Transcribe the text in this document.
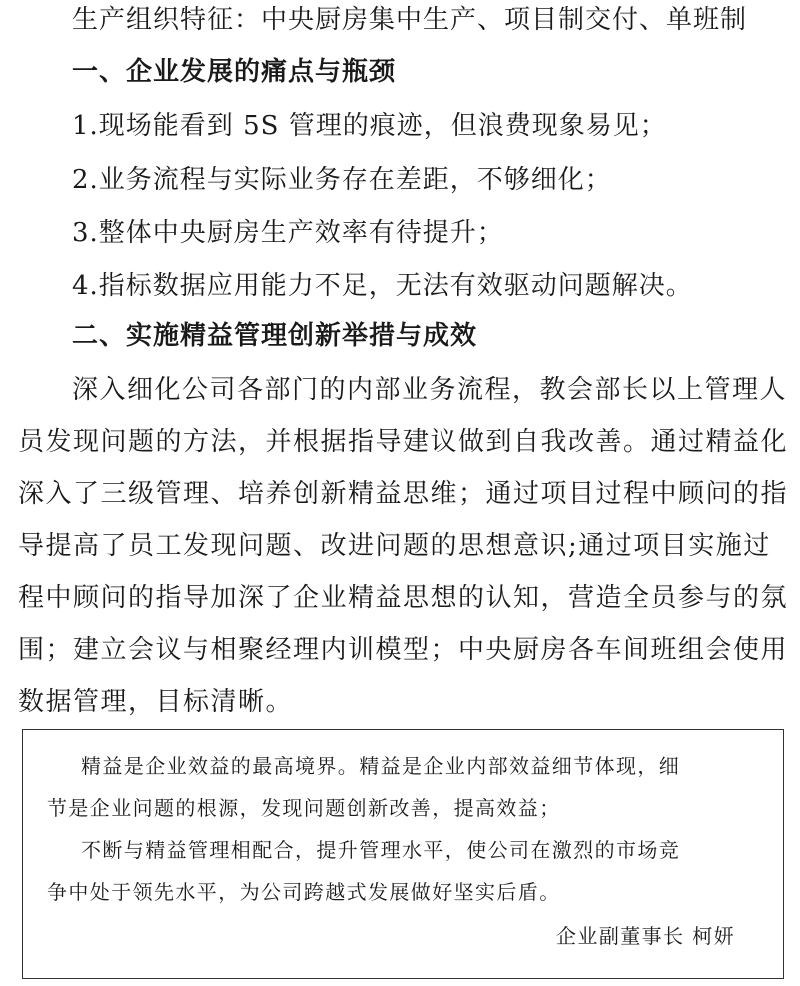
生产组织特征：中央厨房集中生产、项目制交付、单班制
一、企业发展的痛点与瓶颈
1.现场能看到 5S 管理的痕迹，但浪费现象易见；
2.业务流程与实际业务存在差距，不够细化；
3.整体中央厨房生产效率有待提升；
4.指标数据应用能力不足，无法有效驱动问题解决。
二、实施精益管理创新举措与成效
深入细化公司各部门的内部业务流程，教会部长以上管理人
员发现问题的方法，并根据指导建议做到自我改善。通过精益化
深入了三级管理、培养创新精益思维；通过项目过程中顾问的指
导提高了员工发现问题、改进问题的思想意识;通过项目实施过
程中顾问的指导加深了企业精益思想的认知，营造全员参与的氛
围；建立会议与相聚经理内训模型；中央厨房各车间班组会使用
数据管理，目标清晰。
精益是企业效益的最高境界。精益是企业内部效益细节体现，细
节是企业问题的根源，发现问题创新改善，提高效益；
不断与精益管理相配合，提升管理水平，使公司在激烈的市场竞
争中处于领先水平，为公司跨越式发展做好坚实后盾。
企业副董事长 柯妍
